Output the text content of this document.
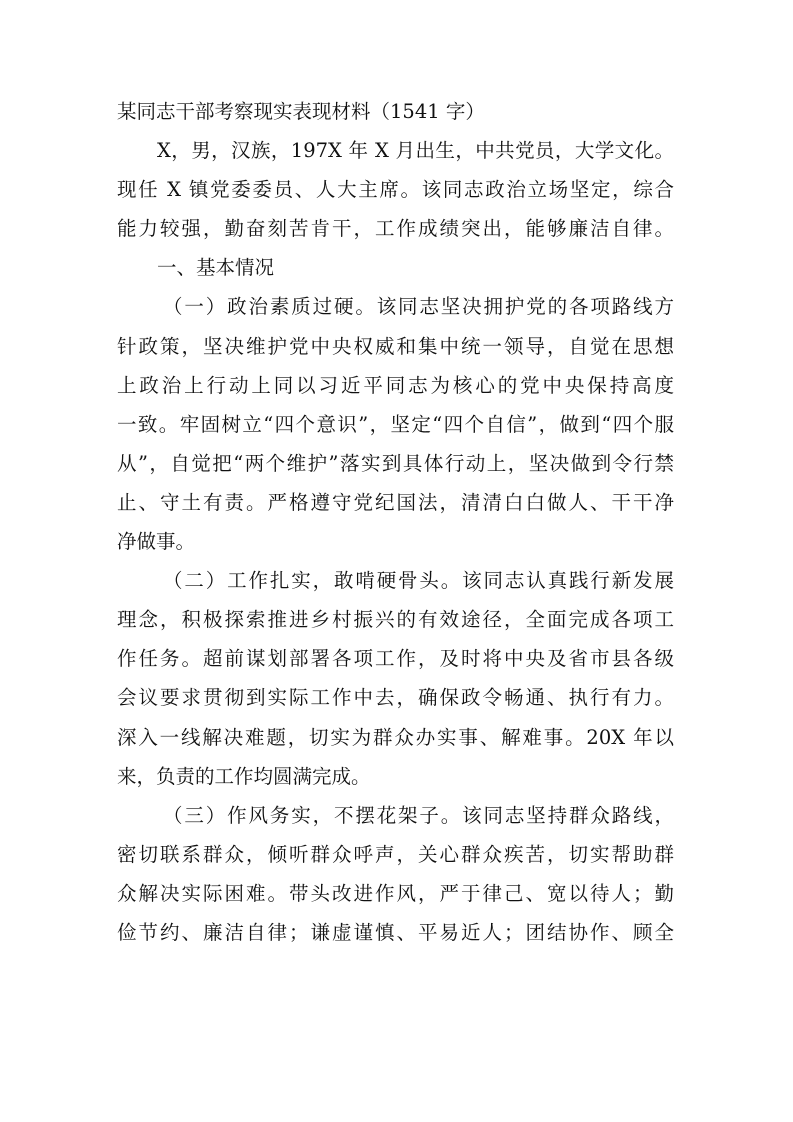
某同志干部考察现实表现材料（1541 字）
X，男，汉族，197X 年 X 月出生，中共党员，大学文化。
现任 X 镇党委委员、人大主席。该同志政治立场坚定，综合
能力较强，勤奋刻苦肯干，工作成绩突出，能够廉洁自律。
一、基本情况
（一）政治素质过硬。该同志坚决拥护党的各项路线方
针政策，坚决维护党中央权威和集中统一领导，自觉在思想
上政治上行动上同以习近平同志为核心的党中央保持高度
一致。牢固树立“四个意识”，坚定“四个自信”，做到“四个服
从”，自觉把“两个维护”落实到具体行动上，坚决做到令行禁
止、守土有责。严格遵守党纪国法，清清白白做人、干干净
净做事。
（二）工作扎实，敢啃硬骨头。该同志认真践行新发展
理念，积极探索推进乡村振兴的有效途径，全面完成各项工
作任务。超前谋划部署各项工作，及时将中央及省市县各级
会议要求贯彻到实际工作中去，确保政令畅通、执行有力。
深入一线解决难题，切实为群众办实事、解难事。20X 年以
来，负责的工作均圆满完成。
（三）作风务实，不摆花架子。该同志坚持群众路线，
密切联系群众，倾听群众呼声，关心群众疾苦，切实帮助群
众解决实际困难。带头改进作风，严于律己、宽以待人；勤
俭节约、廉洁自律；谦虚谨慎、平易近人；团结协作、顾全
